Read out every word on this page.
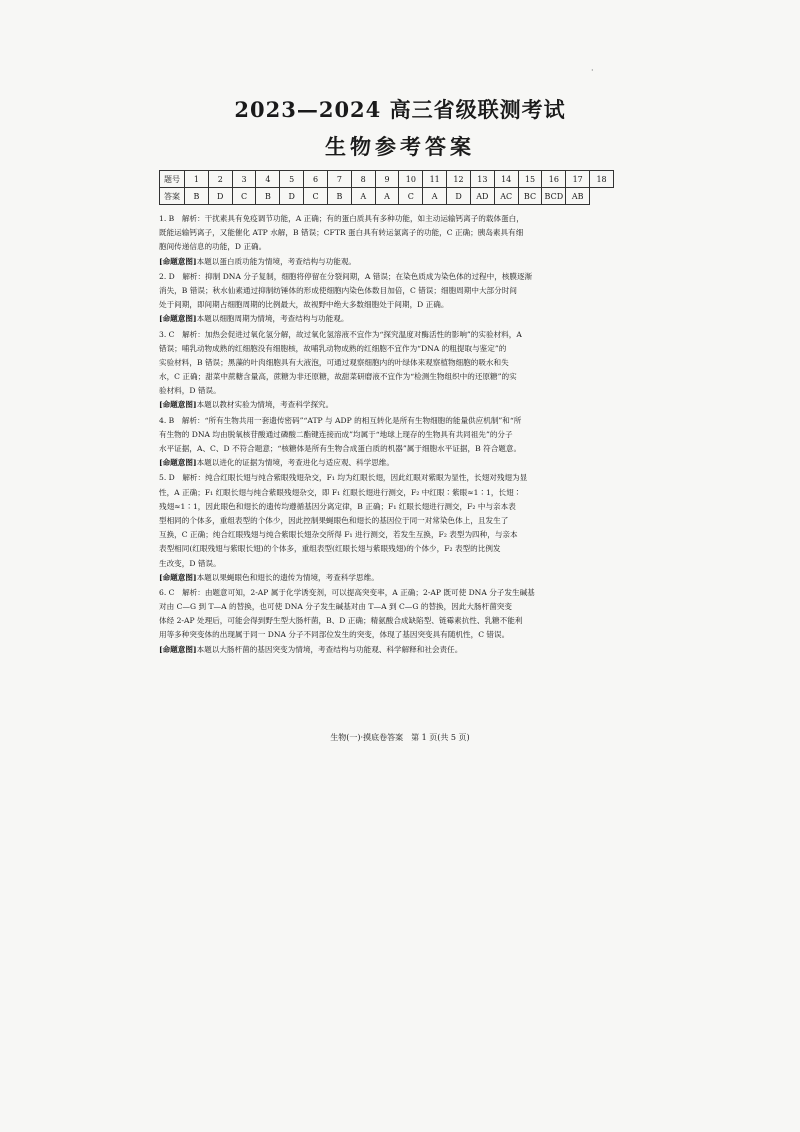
·
2023—2024 高三省级联测考试
生物参考答案
题号	1	2	3	4	5	6	7	8	9	10	11	12	13	14	15	16	17	18
答案	B	D	C	B	D	C	B	A	A	C	A	D	AD	AC	BC	BCD	AB	
1. B　解析：干扰素具有免疫调节功能，A 正确；有的蛋白质具有多种功能，如主动运输钙离子的载体蛋白，
既能运输钙离子，又能催化 ATP 水解，B 错误；CFTR 蛋白具有转运氯离子的功能，C 正确；胰岛素具有细
胞间传递信息的功能，D 正确。
[命题意图]本题以蛋白质功能为情境，考查结构与功能观。
2. D　解析：抑制 DNA 分子复制，细胞将停留在分裂间期，A 错误；在染色质成为染色体的过程中，核膜逐渐
消失，B 错误；秋水仙素通过抑制纺锤体的形成使细胞内染色体数目加倍，C 错误；细胞周期中大部分时间
处于间期，即间期占细胞周期的比例最大，故视野中绝大多数细胞处于间期，D 正确。
[命题意图]本题以细胞周期为情境，考查结构与功能观。
3. C　解析：加热会促进过氧化氢分解，故过氧化氢溶液不宜作为“探究温度对酶活性的影响”的实验材料，A
错误；哺乳动物成熟的红细胞没有细胞核，故哺乳动物成熟的红细胞不宜作为“DNA 的粗提取与鉴定”的
实验材料，B 错误；黑藻的叶肉细胞具有大液泡，可通过观察细胞内的叶绿体来观察植物细胞的吸水和失
水，C 正确；甜菜中蔗糖含量高，蔗糖为非还原糖，故甜菜研磨液不宜作为“检测生物组织中的还原糖”的实
验材料，D 错误。
[命题意图]本题以教材实验为情境，考查科学探究。
4. B　解析：“所有生物共用一套遗传密码”“ATP 与 ADP 的相互转化是所有生物细胞的能量供应机制”和“所
有生物的 DNA 均由脱氧核苷酸通过磷酸二酯键连接而成”均属于“地球上现存的生物具有共同祖先”的分子
水平证据，A、C、D 不符合题意；“核糖体是所有生物合成蛋白质的机器”属于细胞水平证据，B 符合题意。
[命题意图]本题以进化的证据为情境，考查进化与适应观、科学思维。
5. D　解析：纯合红眼长翅与纯合紫眼残翅杂交，F₁ 均为红眼长翅，因此红眼对紫眼为显性，长翅对残翅为显
性，A 正确；F₁ 红眼长翅与纯合紫眼残翅杂交，即 F₁ 红眼长翅进行测交，F₂ 中红眼∶紫眼≈1∶1，长翅∶
残翅≈1∶1，因此眼色和翅长的遗传均遵循基因分离定律，B 正确；F₁ 红眼长翅进行测交，F₂ 中与亲本表
型相同的个体多，重组表型的个体少，因此控制果蝇眼色和翅长的基因位于同一对常染色体上，且发生了
互换，C 正确；纯合红眼残翅与纯合紫眼长翅杂交所得 F₁ 进行测交，若发生互换，F₂ 表型为四种，与亲本
表型相同(红眼残翅与紫眼长翅)的个体多，重组表型(红眼长翅与紫眼残翅)的个体少，F₂ 表型的比例发
生改变，D 错误。
[命题意图]本题以果蝇眼色和翅长的遗传为情境，考查科学思维。
6. C　解析：由题意可知，2-AP 属于化学诱变剂，可以提高突变率，A 正确；2-AP 既可使 DNA 分子发生碱基
对由 C—G 到 T—A 的替换，也可使 DNA 分子发生碱基对由 T—A 到 C—G 的替换，因此大肠杆菌突变
体经 2-AP 处理后，可能会得到野生型大肠杆菌，B、D 正确；精氨酸合成缺陷型、链霉素抗性、乳糖不能利
用等多种突变体的出现属于同一 DNA 分子不同部位发生的突变，体现了基因突变具有随机性，C 错误。
[命题意图]本题以大肠杆菌的基因突变为情境，考查结构与功能观、科学解释和社会责任。
生物(一)·摸底卷答案　第 1 页(共 5 页)
